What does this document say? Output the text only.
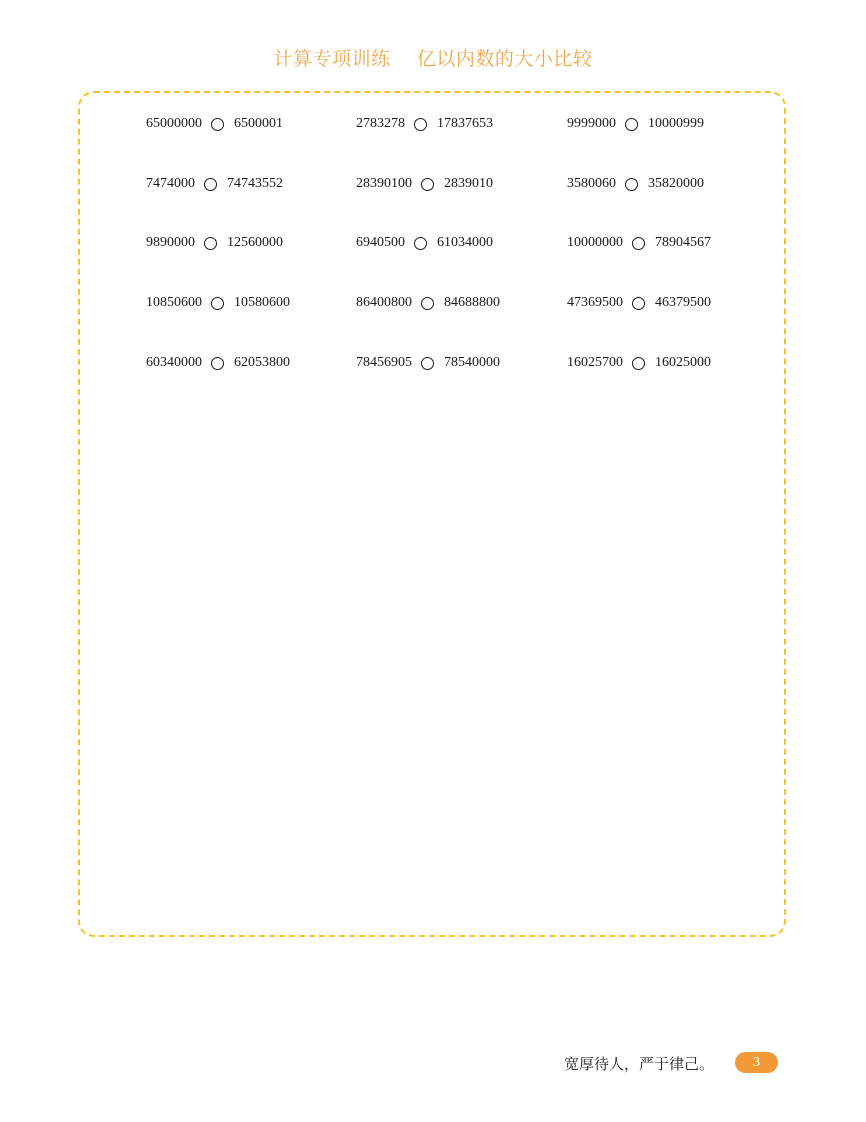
计算专项训练    亿以内数的大小比较
65000000 6500001	2783278 17837653	9999000 10000999
7474000 74743552	28390100 2839010	3580060 35820000
9890000 12560000	6940500 61034000	10000000 78904567
10850600 10580600	86400800 84688800	47369500 46379500
60340000 62053800	78456905 78540000	16025700 16025000
宽厚待人，严于律己。	3
